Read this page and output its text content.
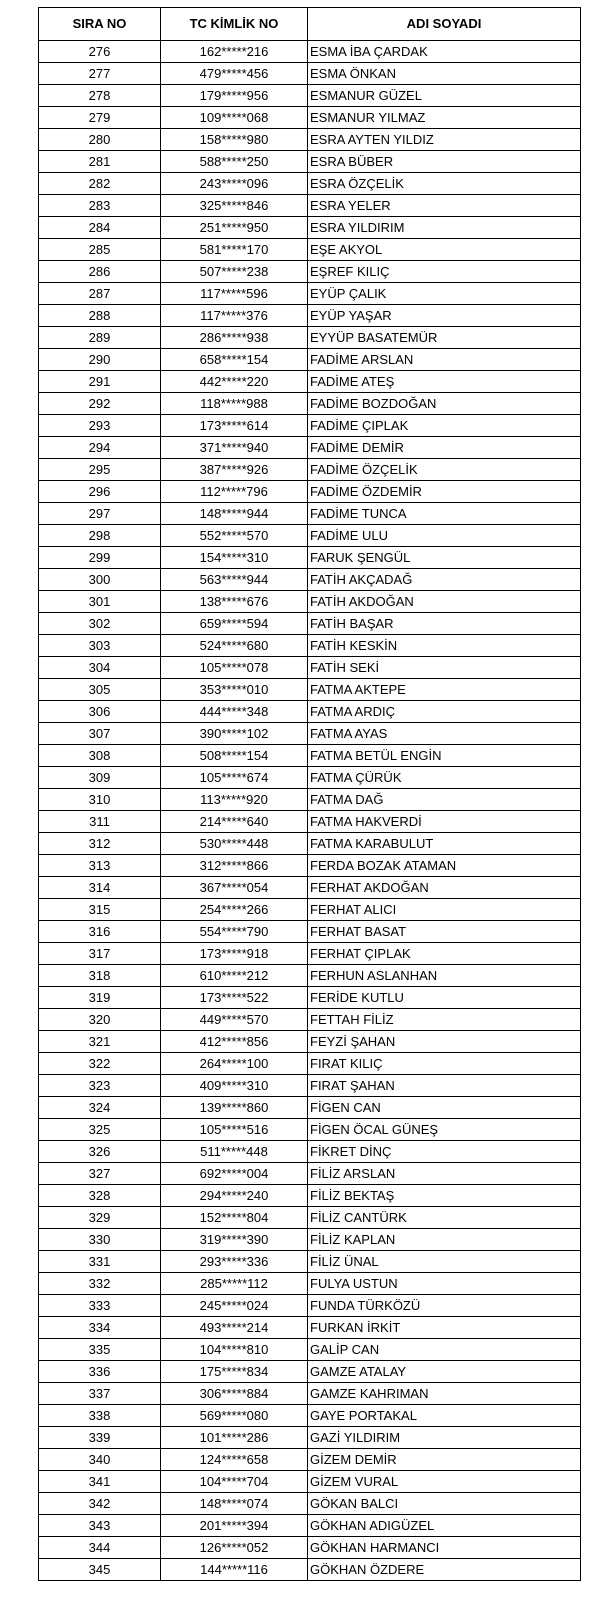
SIRA NO	TC KİMLİK NO	ADI SOYADI
276	162*****216	ESMA İBA ÇARDAK
277	479*****456	ESMA ÖNKAN
278	179*****956	ESMANUR GÜZEL
279	109*****068	ESMANUR YILMAZ
280	158*****980	ESRA AYTEN YILDIZ
281	588*****250	ESRA BÜBER
282	243*****096	ESRA ÖZÇELİK
283	325*****846	ESRA YELER
284	251*****950	ESRA YILDIRIM
285	581*****170	EŞE AKYOL
286	507*****238	EŞREF KILIÇ
287	117*****596	EYÜP ÇALIK
288	117*****376	EYÜP YAŞAR
289	286*****938	EYYÜP BASATEMÜR
290	658*****154	FADİME ARSLAN
291	442*****220	FADİME ATEŞ
292	118*****988	FADİME BOZDOĞAN
293	173*****614	FADİME ÇIPLAK
294	371*****940	FADİME DEMİR
295	387*****926	FADİME ÖZÇELİK
296	112*****796	FADİME ÖZDEMİR
297	148*****944	FADİME TUNCA
298	552*****570	FADİME ULU
299	154*****310	FARUK ŞENGÜL
300	563*****944	FATİH AKÇADAĞ
301	138*****676	FATİH AKDOĞAN
302	659*****594	FATİH BAŞAR
303	524*****680	FATİH KESKİN
304	105*****078	FATİH SEKİ
305	353*****010	FATMA AKTEPE
306	444*****348	FATMA ARDIÇ
307	390*****102	FATMA AYAS
308	508*****154	FATMA BETÜL ENGİN
309	105*****674	FATMA ÇÜRÜK
310	113*****920	FATMA DAĞ
311	214*****640	FATMA HAKVERDİ
312	530*****448	FATMA KARABULUT
313	312*****866	FERDA BOZAK ATAMAN
314	367*****054	FERHAT AKDOĞAN
315	254*****266	FERHAT ALICI
316	554*****790	FERHAT BASAT
317	173*****918	FERHAT ÇIPLAK
318	610*****212	FERHUN ASLANHAN
319	173*****522	FERİDE KUTLU
320	449*****570	FETTAH FİLİZ
321	412*****856	FEYZİ ŞAHAN
322	264*****100	FIRAT KILIÇ
323	409*****310	FIRAT ŞAHAN
324	139*****860	FİGEN CAN
325	105*****516	FİGEN ÖCAL GÜNEŞ
326	511*****448	FİKRET DİNÇ
327	692*****004	FİLİZ ARSLAN
328	294*****240	FİLİZ BEKTAŞ
329	152*****804	FİLİZ CANTÜRK
330	319*****390	FİLİZ KAPLAN
331	293*****336	FİLİZ ÜNAL
332	285*****112	FULYA USTUN
333	245*****024	FUNDA TÜRKÖZÜ
334	493*****214	FURKAN İRKİT
335	104*****810	GALİP CAN
336	175*****834	GAMZE ATALAY
337	306*****884	GAMZE KAHRIMAN
338	569*****080	GAYE PORTAKAL
339	101*****286	GAZİ YILDIRIM
340	124*****658	GİZEM DEMİR
341	104*****704	GİZEM VURAL
342	148*****074	GÖKAN BALCI
343	201*****394	GÖKHAN ADIGÜZEL
344	126*****052	GÖKHAN HARMANCI
345	144*****116	GÖKHAN ÖZDERE
